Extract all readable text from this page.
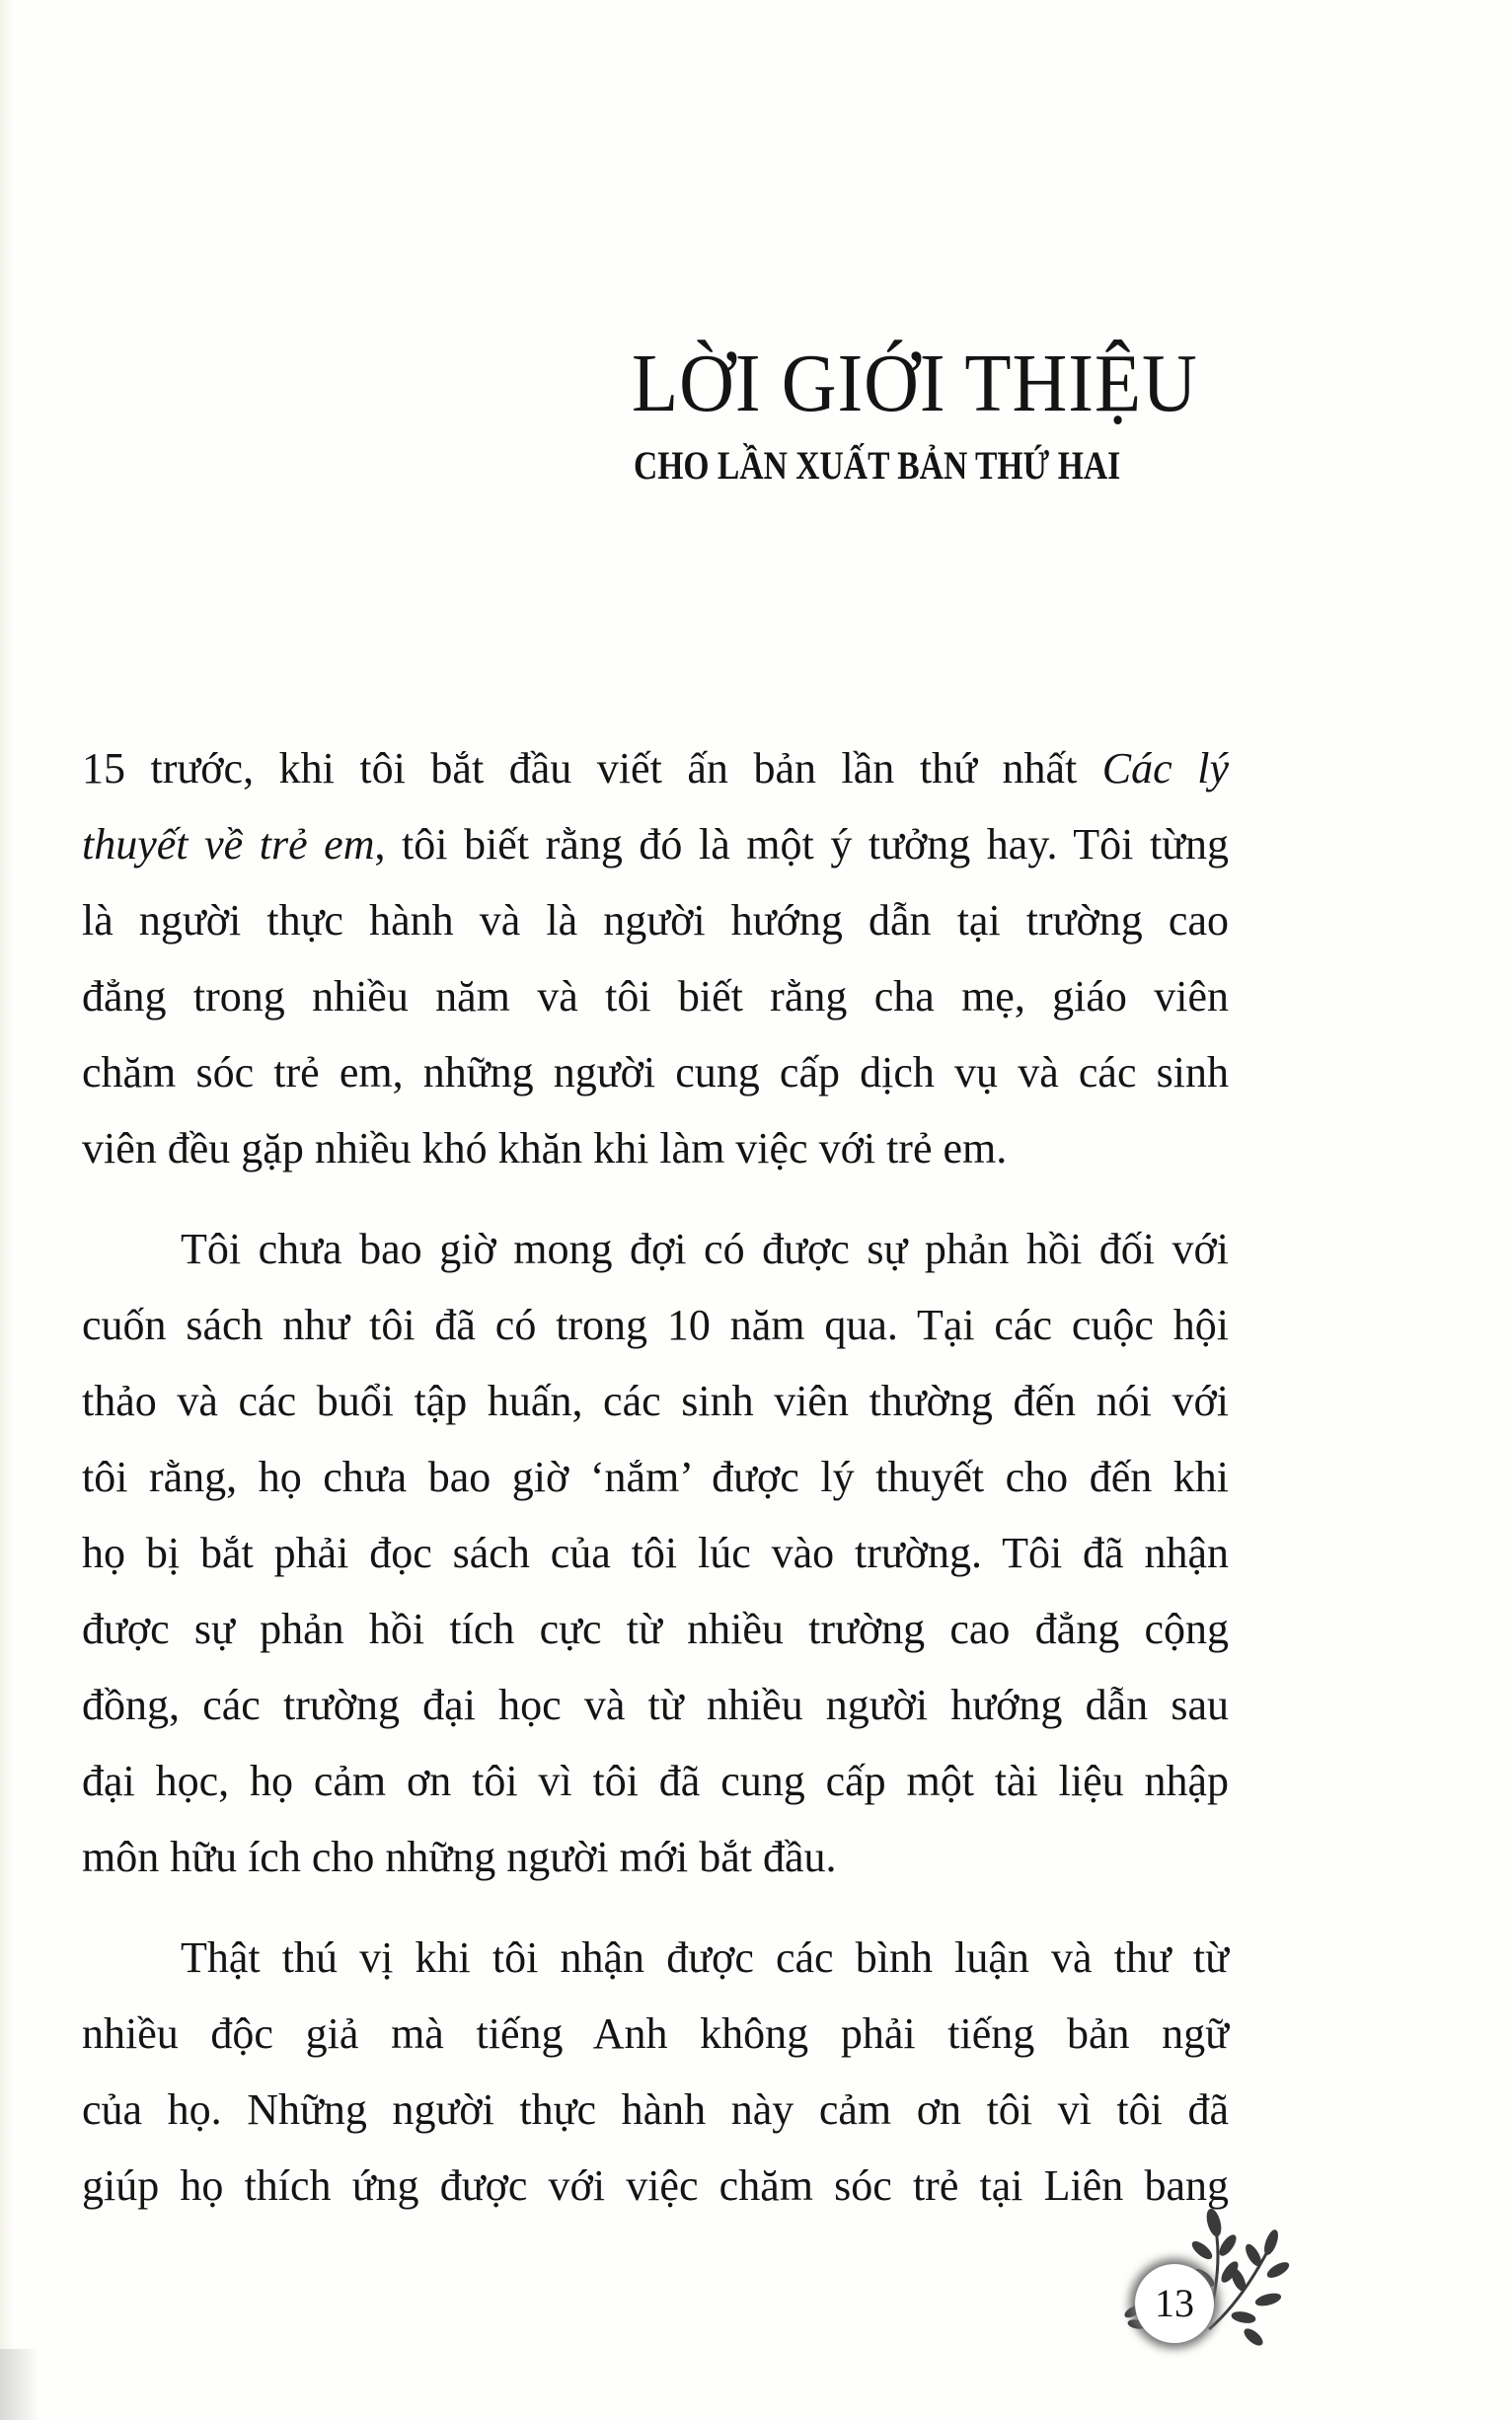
LỜI GIỚI THIỆU
CHO LẦN XUẤT BẢN THỨ HAI
15 trước, khi tôi bắt đầu viết ấn bản lần thứ nhất Các lý
thuyết về trẻ em, tôi biết rằng đó là một ý tưởng hay. Tôi từng
là người thực hành và là người hướng dẫn tại trường cao
đẳng trong nhiều năm và tôi biết rằng cha mẹ, giáo viên
chăm sóc trẻ em, những người cung cấp dịch vụ và các sinh
viên đều gặp nhiều khó khăn khi làm việc với trẻ em.
Tôi chưa bao giờ mong đợi có được sự phản hồi đối với
cuốn sách như tôi đã có trong 10 năm qua. Tại các cuộc hội
thảo và các buổi tập huấn, các sinh viên thường đến nói với
tôi rằng, họ chưa bao giờ ‘nắm’ được lý thuyết cho đến khi
họ bị bắt phải đọc sách của tôi lúc vào trường. Tôi đã nhận
được sự phản hồi tích cực từ nhiều trường cao đẳng cộng
đồng, các trường đại học và từ nhiều người hướng dẫn sau
đại học, họ cảm ơn tôi vì tôi đã cung cấp một tài liệu nhập
môn hữu ích cho những người mới bắt đầu.
Thật thú vị khi tôi nhận được các bình luận và thư từ
nhiều độc giả mà tiếng Anh không phải tiếng bản ngữ
của họ. Những người thực hành này cảm ơn tôi vì tôi đã
giúp họ thích ứng được với việc chăm sóc trẻ tại Liên bang
13
